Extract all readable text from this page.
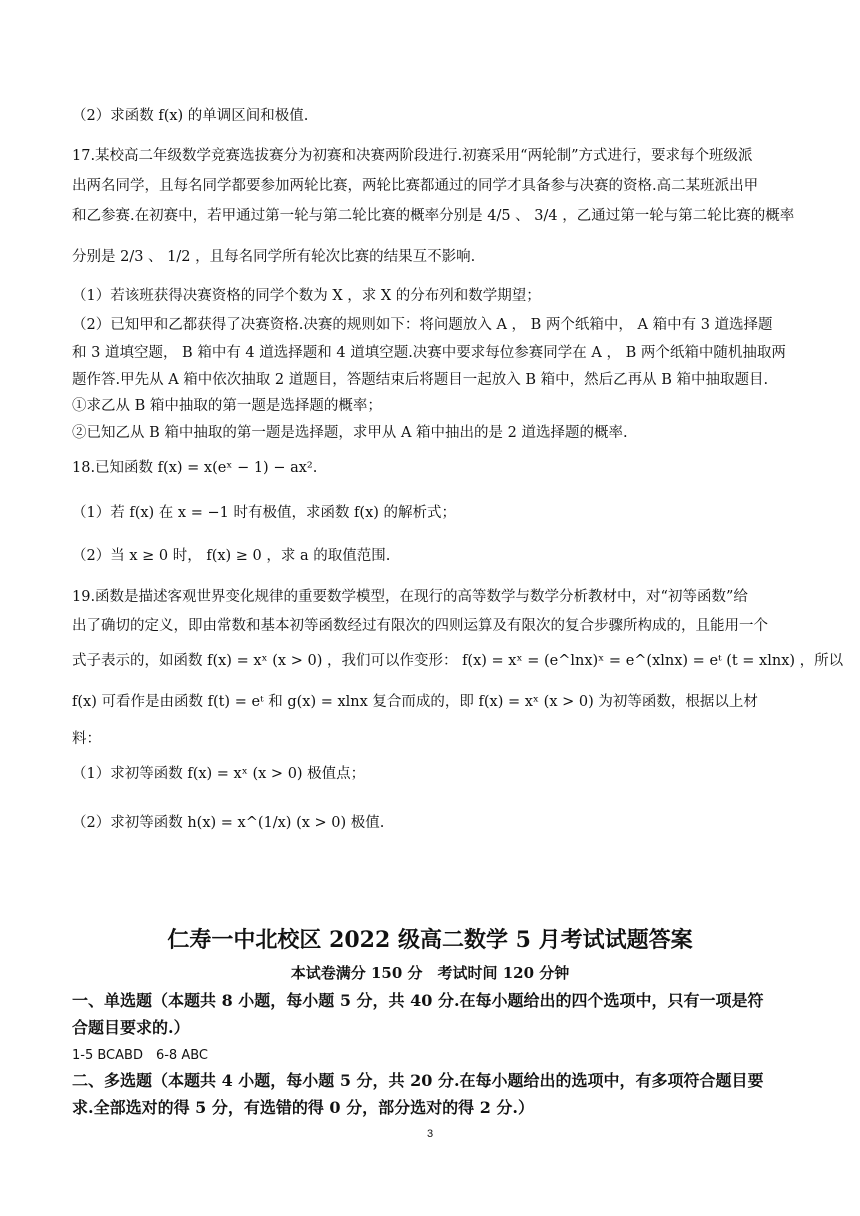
（2）求函数 f(x) 的单调区间和极值.
17.某校高二年级数学竞赛选拔赛分为初赛和决赛两阶段进行.初赛采用“两轮制”方式进行，要求每个班级派
出两名同学，且每名同学都要参加两轮比赛，两轮比赛都通过的同学才具备参与决赛的资格.高二某班派出甲
和乙参赛.在初赛中，若甲通过第一轮与第二轮比赛的概率分别是 4/5 、 3/4 ，乙通过第一轮与第二轮比赛的概率
分别是 2/3 、 1/2 ，且每名同学所有轮次比赛的结果互不影响.
（1）若该班获得决赛资格的同学个数为 X ，求 X 的分布列和数学期望；
（2）已知甲和乙都获得了决赛资格.决赛的规则如下：将问题放入 A ， B 两个纸箱中， A 箱中有 3 道选择题
和 3 道填空题， B 箱中有 4 道选择题和 4 道填空题.决赛中要求每位参赛同学在 A ， B 两个纸箱中随机抽取两
题作答.甲先从 A 箱中依次抽取 2 道题目，答题结束后将题目一起放入 B 箱中，然后乙再从 B 箱中抽取题目.
①求乙从 B 箱中抽取的第一题是选择题的概率；
②已知乙从 B 箱中抽取的第一题是选择题，求甲从 A 箱中抽出的是 2 道选择题的概率.
18.已知函数 f(x) = x(eˣ − 1) − ax².
（1）若 f(x) 在 x = −1 时有极值，求函数 f(x) 的解析式；
（2）当 x ≥ 0 时， f(x) ≥ 0 ，求 a 的取值范围.
19.函数是描述客观世界变化规律的重要数学模型，在现行的高等数学与数学分析教材中，对“初等函数”给
出了确切的定义，即由常数和基本初等函数经过有限次的四则运算及有限次的复合步骤所构成的，且能用一个
式子表示的，如函数 f(x) = xˣ (x > 0) ，我们可以作变形： f(x) = xˣ = (e^lnx)ˣ = e^(xlnx) = eᵗ (t = xlnx) ，所以
f(x) 可看作是由函数 f(t) = eᵗ 和 g(x) = xlnx 复合而成的，即 f(x) = xˣ (x > 0) 为初等函数，根据以上材
料：
（1）求初等函数 f(x) = xˣ (x > 0) 极值点；
（2）求初等函数 h(x) = x^(1/x) (x > 0) 极值.
仁寿一中北校区 2022 级高二数学 5 月考试试题答案
本试卷满分 150 分　考试时间 120 分钟
一、单选题（本题共 8 小题，每小题 5 分，共 40 分.在每小题给出的四个选项中，只有一项是符
合题目要求的.）
1-5 BCABD　6-8 ABC
二、多选题（本题共 4 小题，每小题 5 分，共 20 分.在每小题给出的选项中，有多项符合题目要
求.全部选对的得 5 分，有选错的得 0 分，部分选对的得 2 分.）
3
